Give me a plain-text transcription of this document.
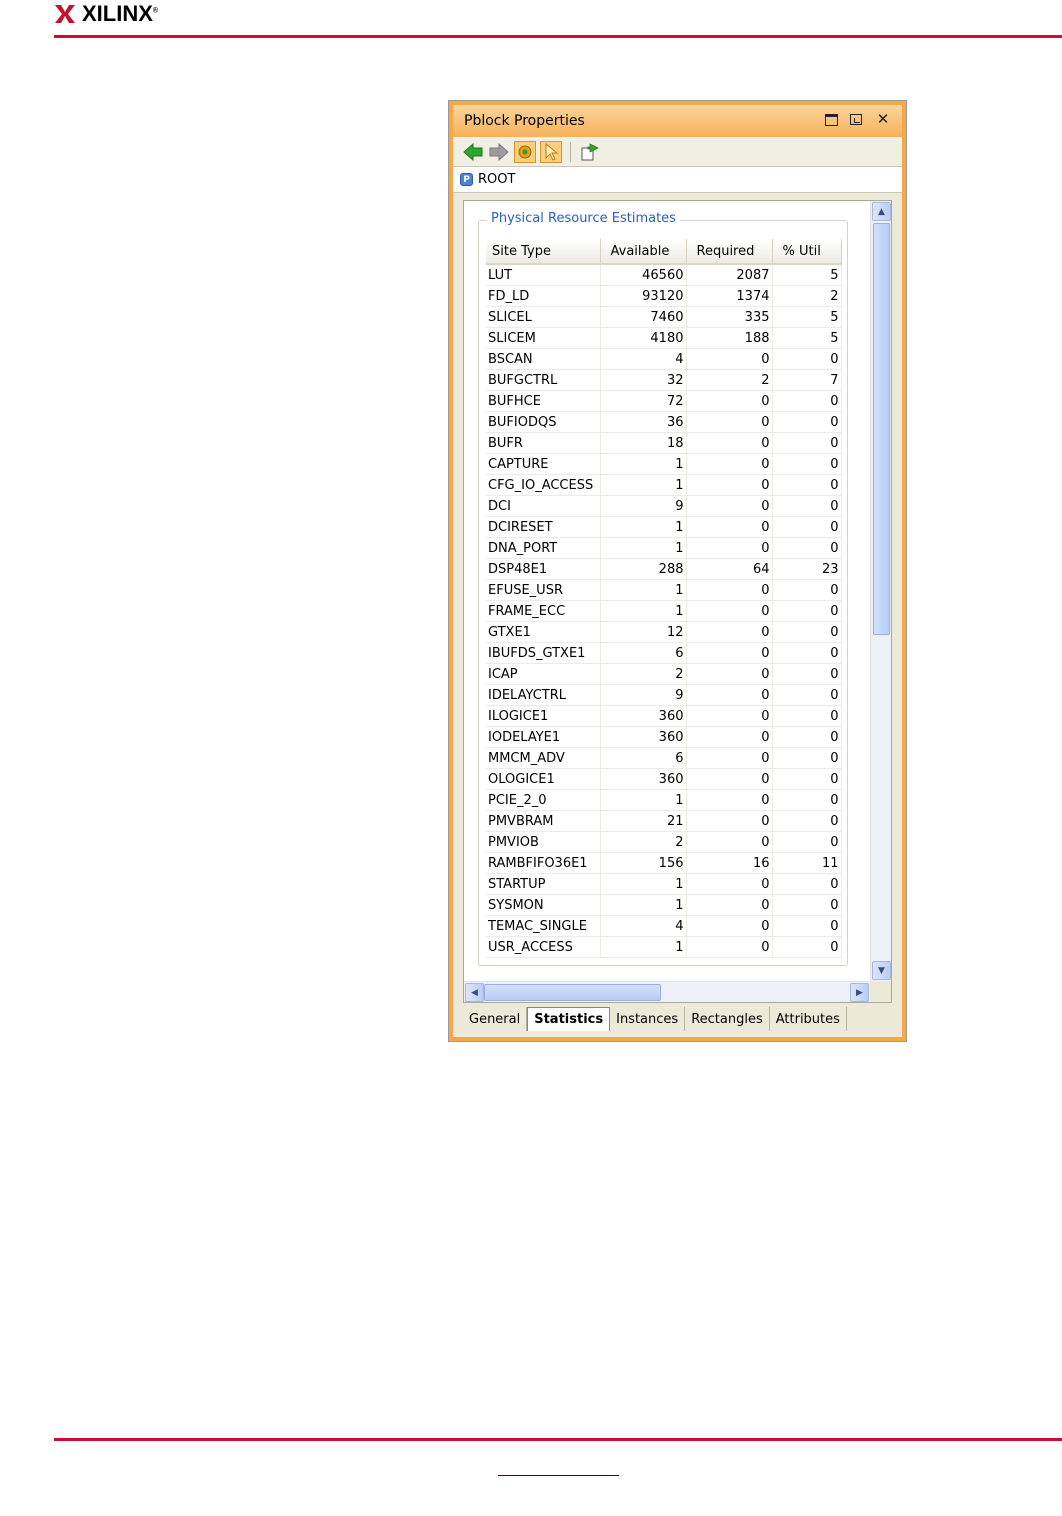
XILINX®
Pblock Properties	✕
P ROOT
Physical Resource Estimates
Site Type	Available	Required	% Util
LUT	46560	2087	5
FD_LD	93120	1374	2
SLICEL	7460	335	5
SLICEM	4180	188	5
BSCAN	4	0	0
BUFGCTRL	32	2	7
BUFHCE	72	0	0
BUFIODQS	36	0	0
BUFR	18	0	0
CAPTURE	1	0	0
CFG_IO_ACCESS	1	0	0
DCI	9	0	0
DCIRESET	1	0	0
DNA_PORT	1	0	0
DSP48E1	288	64	23
EFUSE_USR	1	0	0
FRAME_ECC	1	0	0
GTXE1	12	0	0
IBUFDS_GTXE1	6	0	0
ICAP	2	0	0
IDELAYCTRL	9	0	0
ILOGICE1	360	0	0
IODELAYE1	360	0	0
MMCM_ADV	6	0	0
OLOGICE1	360	0	0
PCIE_2_0	1	0	0
PMVBRAM	21	0	0
PMVIOB	2	0	0
RAMBFIFO36E1	156	16	11
STARTUP	1	0	0
SYSMON	1	0	0
TEMAC_SINGLE	4	0	0
USR_ACCESS	1	0	0
▲
▼
◀	▶
General	Statistics	Instances	Rectangles	Attributes
